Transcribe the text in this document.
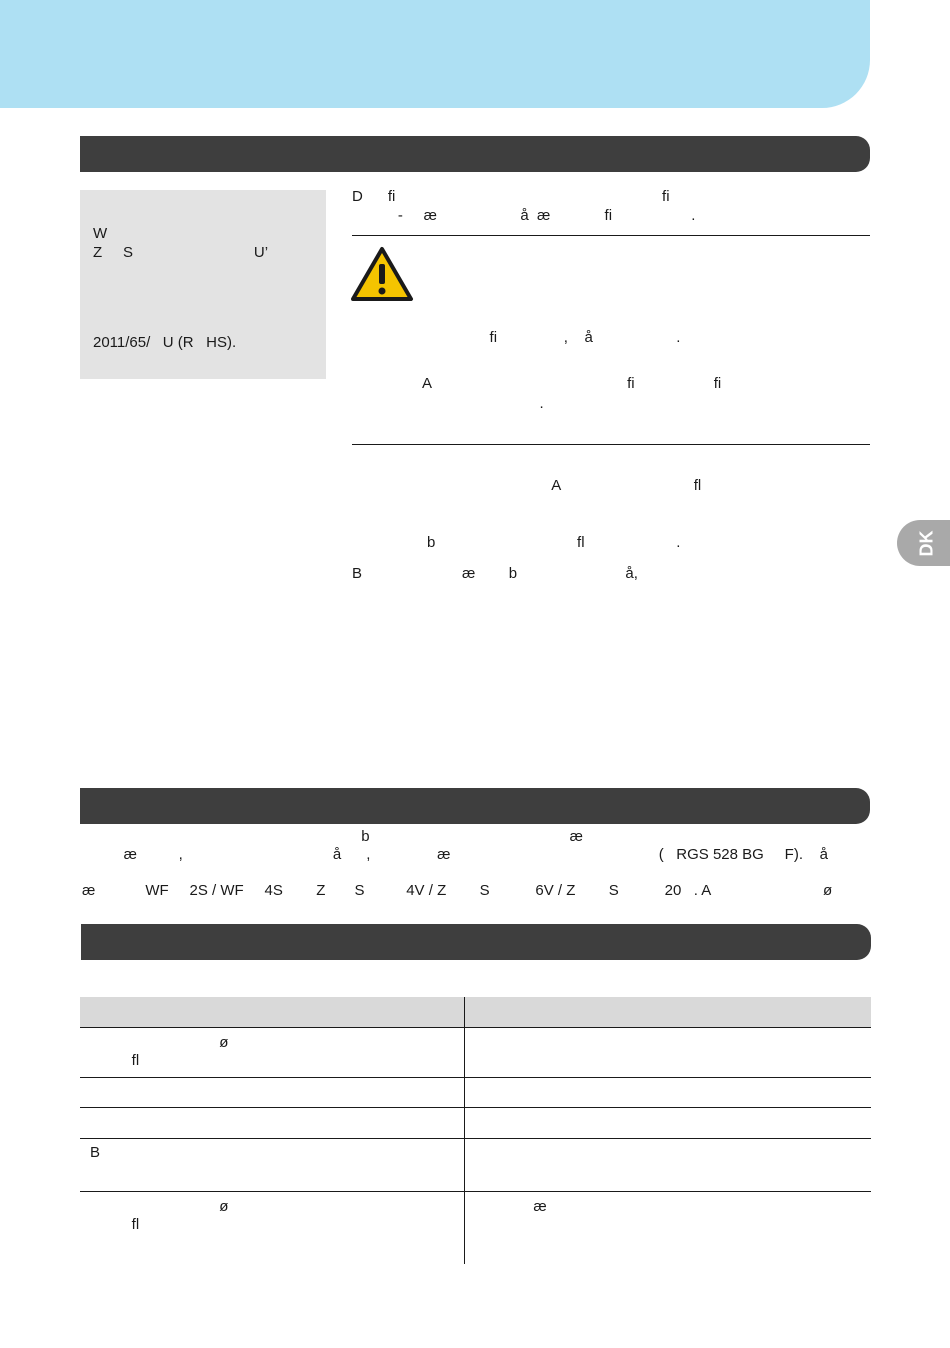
W
Z     S                             U’
2011/65/   U (R   HS).
D      fi                                                                fi
-     æ                    å  æ             fi                   .
fi                ,    å                    .
A                                               fi                   fi
.
A                                fl
b                                  fl                      .
B                        æ        b                          å,
DK
b                                                æ
æ          ,                                    å      ,                æ                                                  (   RGS 528 BG     F).    å
æ            WF     2S / WF     4S        Z       S          4V / Z        S           6V / Z        S           20   . A                           ø
ø
fl
B
ø
fl
æ
